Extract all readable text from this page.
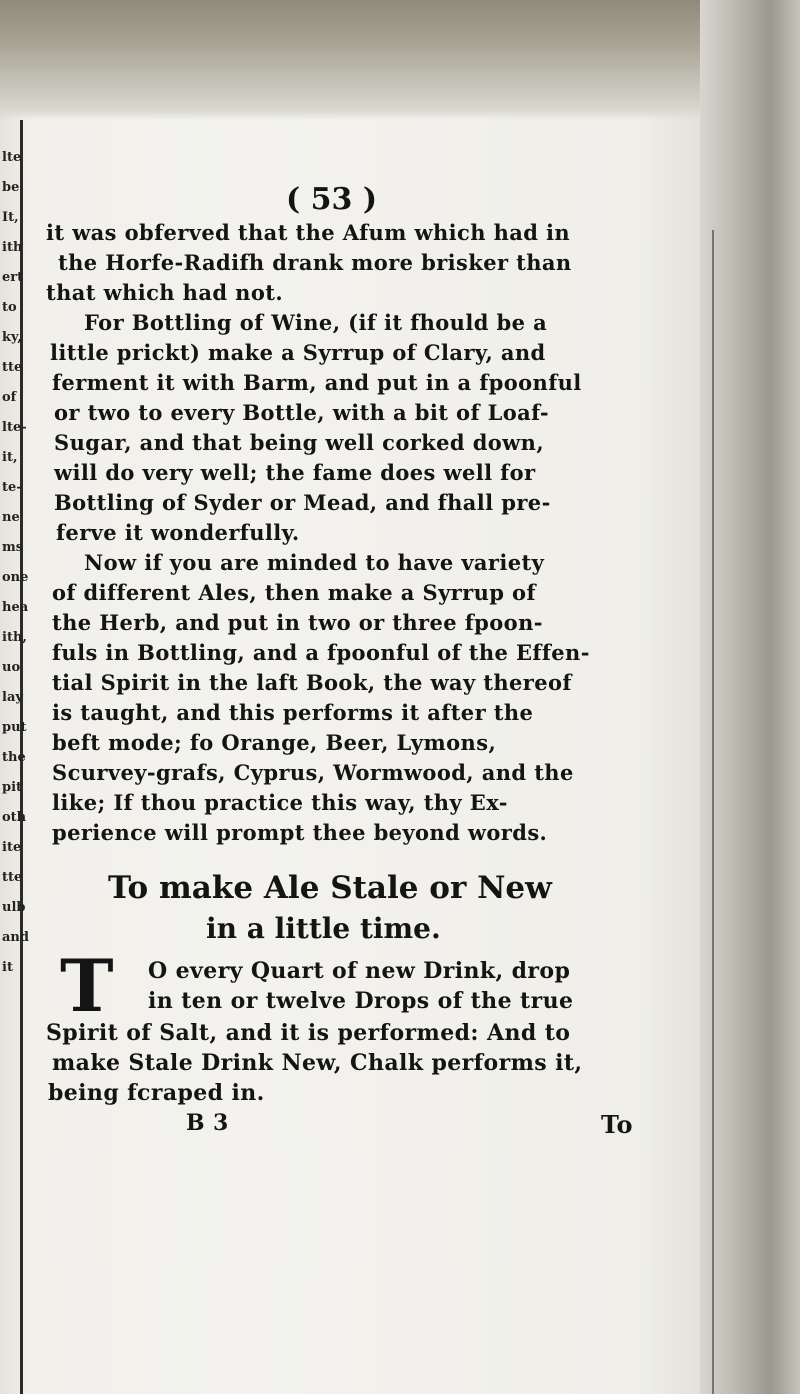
lte
be
It,
ith
ert
to
ky,
tte
of
lte-
it,
te-
ne
ms
one
hea
ith,
uo
lay
put
the
pit
oth
ite
tte
ulb
and
it
( 53 )
it was obferved that the Afum which had in
the Horfe-Radifh drank more brisker than
that which had not.
For Bottling of Wine, (if it fhould be a
little prickt) make a Syrrup of Clary, and
ferment it with Barm, and put in a fpoonful
or two to every Bottle, with a bit of Loaf-
Sugar, and that being well corked down,
will do very well; the fame does well for
Bottling of Syder or Mead, and fhall pre-
ferve it wonderfully.
Now if you are minded to have variety
of different Ales, then make a Syrrup of
the Herb, and put in two or three fpoon-
fuls in Bottling, and a fpoonful of the Effen-
tial Spirit in the laft Book, the way thereof
is taught, and this performs it after the
beft mode; fo Orange, Beer, Lymons,
Scurvey-grafs, Cyprus, Wormwood, and the
like; If thou practice this way, thy Ex-
perience will prompt thee beyond words.
To make Ale Stale or New
in a little time.
T O every Quart of new Drink, drop
in ten or twelve Drops of the true
Spirit of Salt, and it is performed: And to
make Stale Drink New, Chalk performs it,
being fcraped in.
B 3	To
